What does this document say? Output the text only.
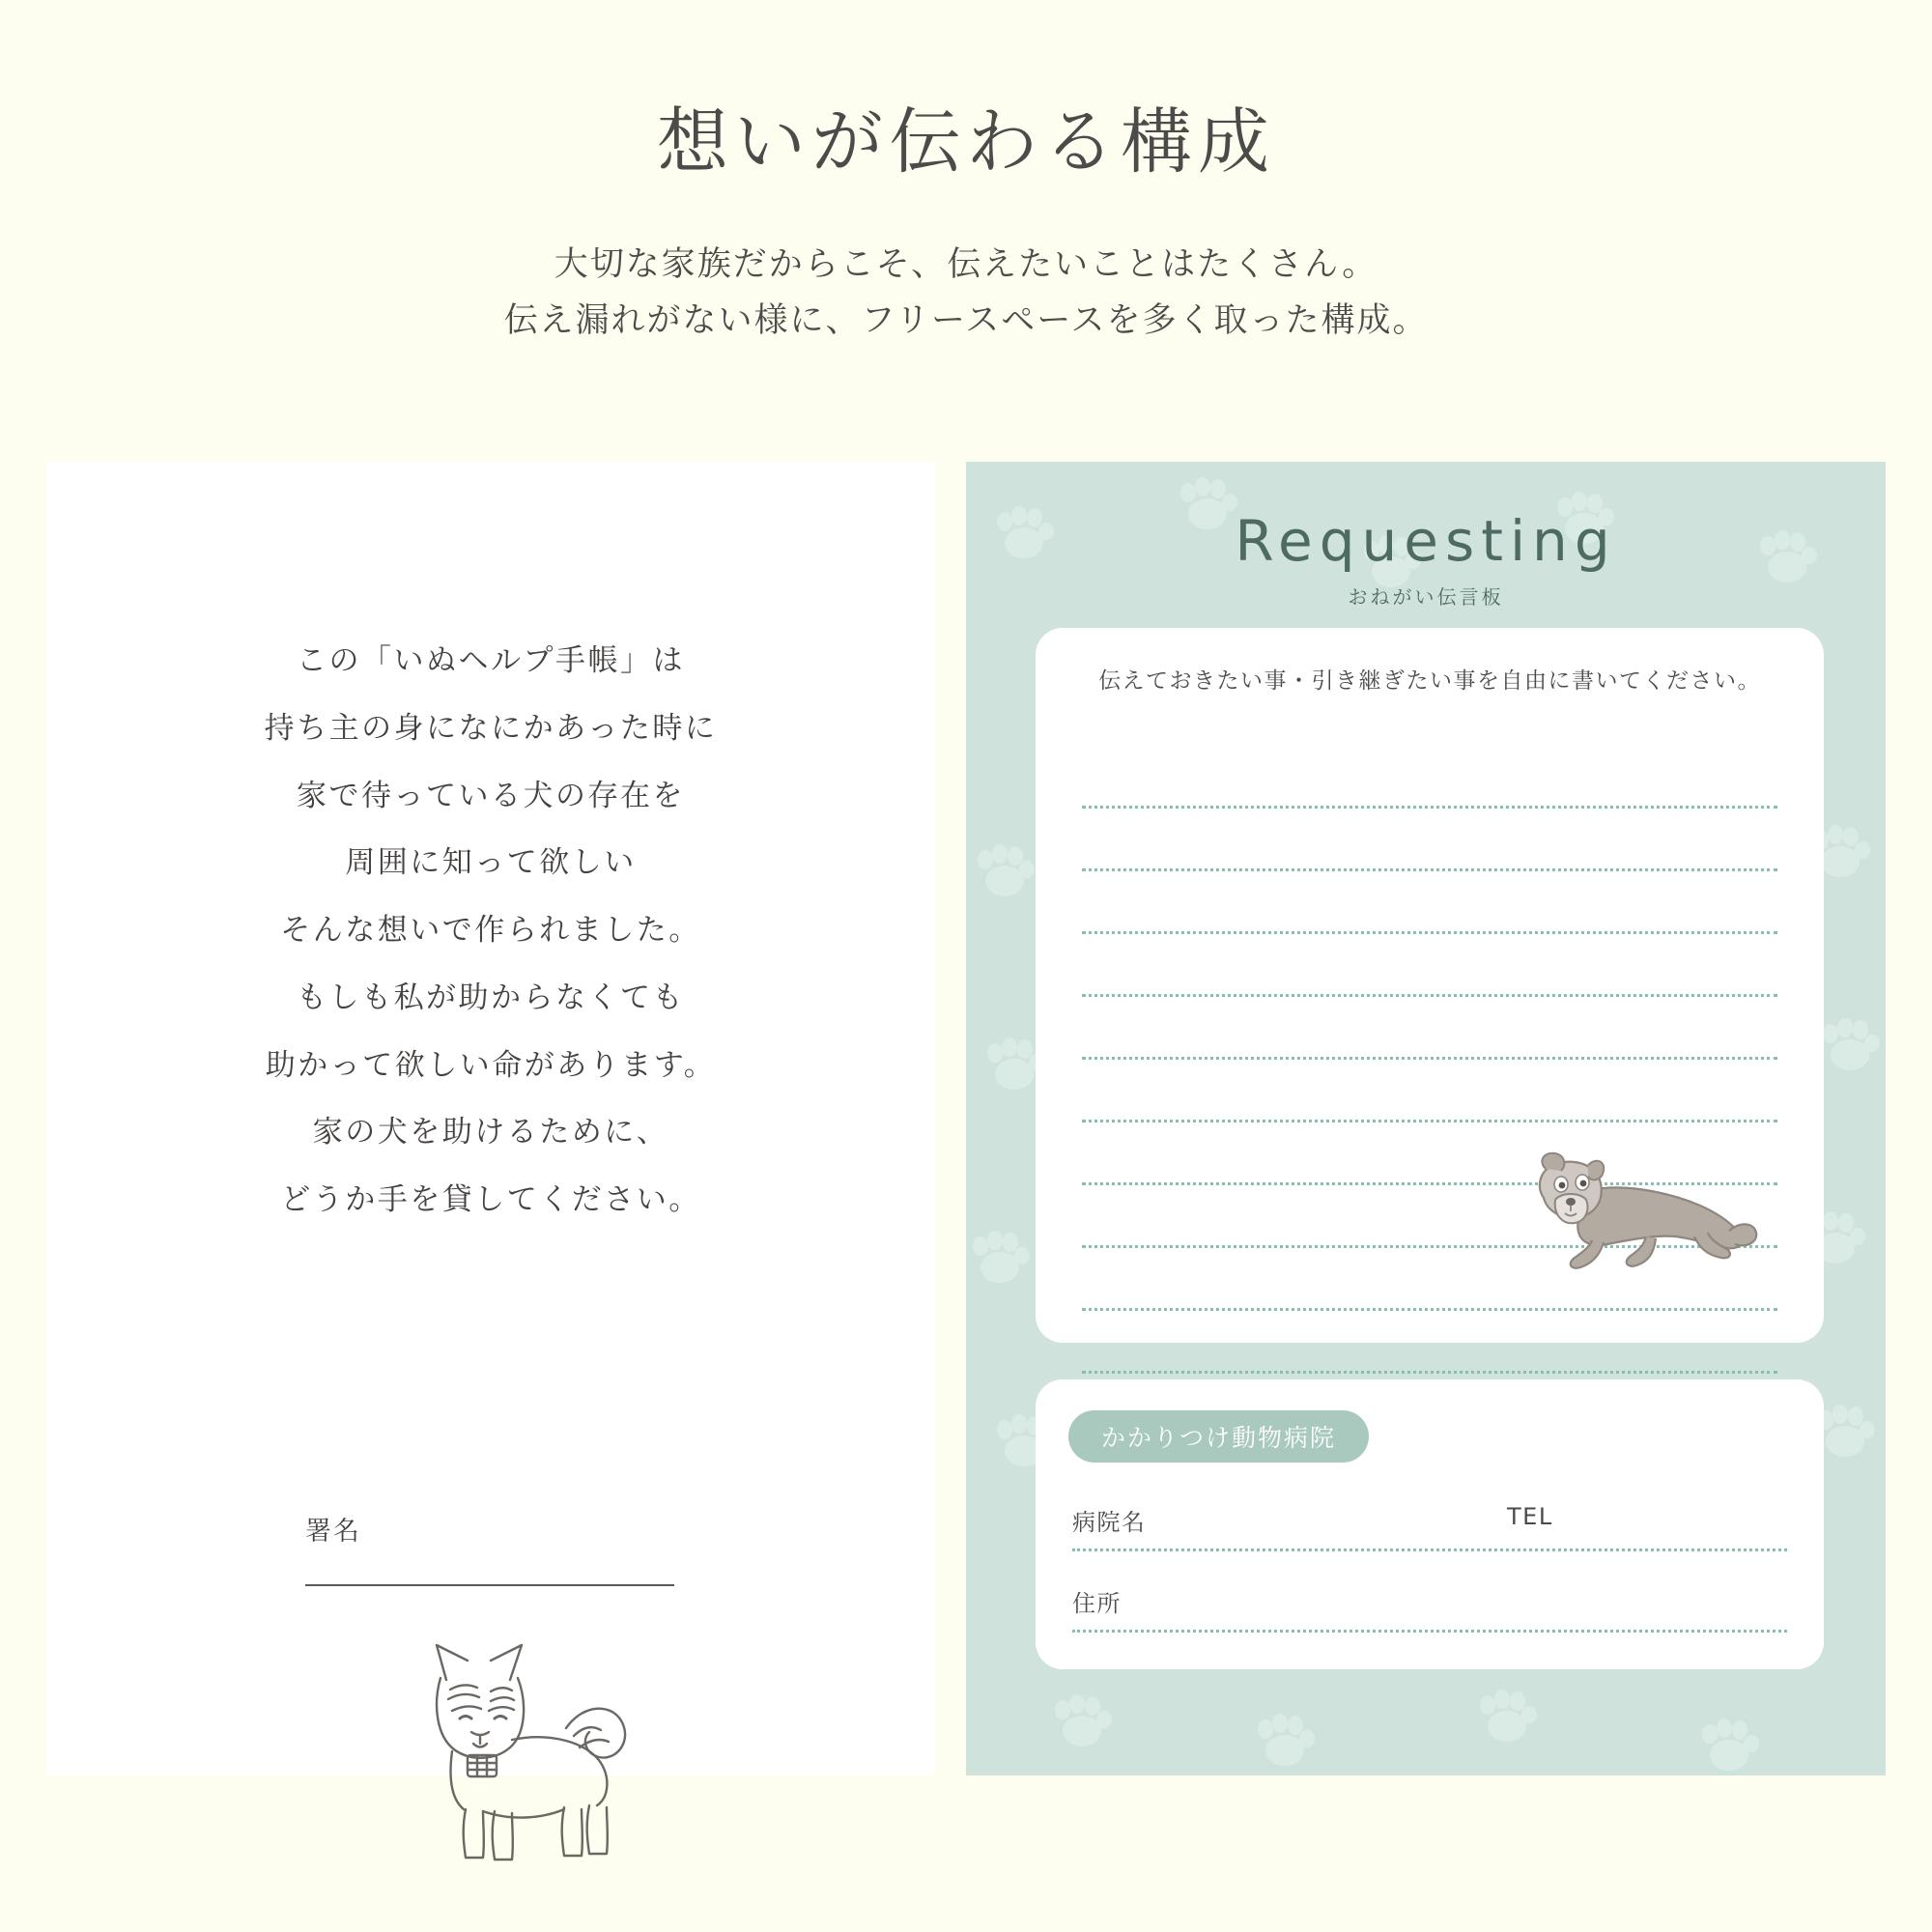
想いが伝わる構成

大切な家族だからこそ、伝えたいことはたくさん。
伝え漏れがない様に、フリースペースを多く取った構成。

この「いぬヘルプ手帳」は
持ち主の身になにかあった時に
家で待っている犬の存在を
周囲に知って欲しい
そんな想いで作られました。
もしも私が助からなくても
助かって欲しい命があります。
家の犬を助けるために、
どうか手を貸してください。
署名
Requesting
おねがい伝言板
伝えておきたい事・引き継ぎたい事を自由に書いてください。
かかりつけ動物病院
病院名	TEL
住所
